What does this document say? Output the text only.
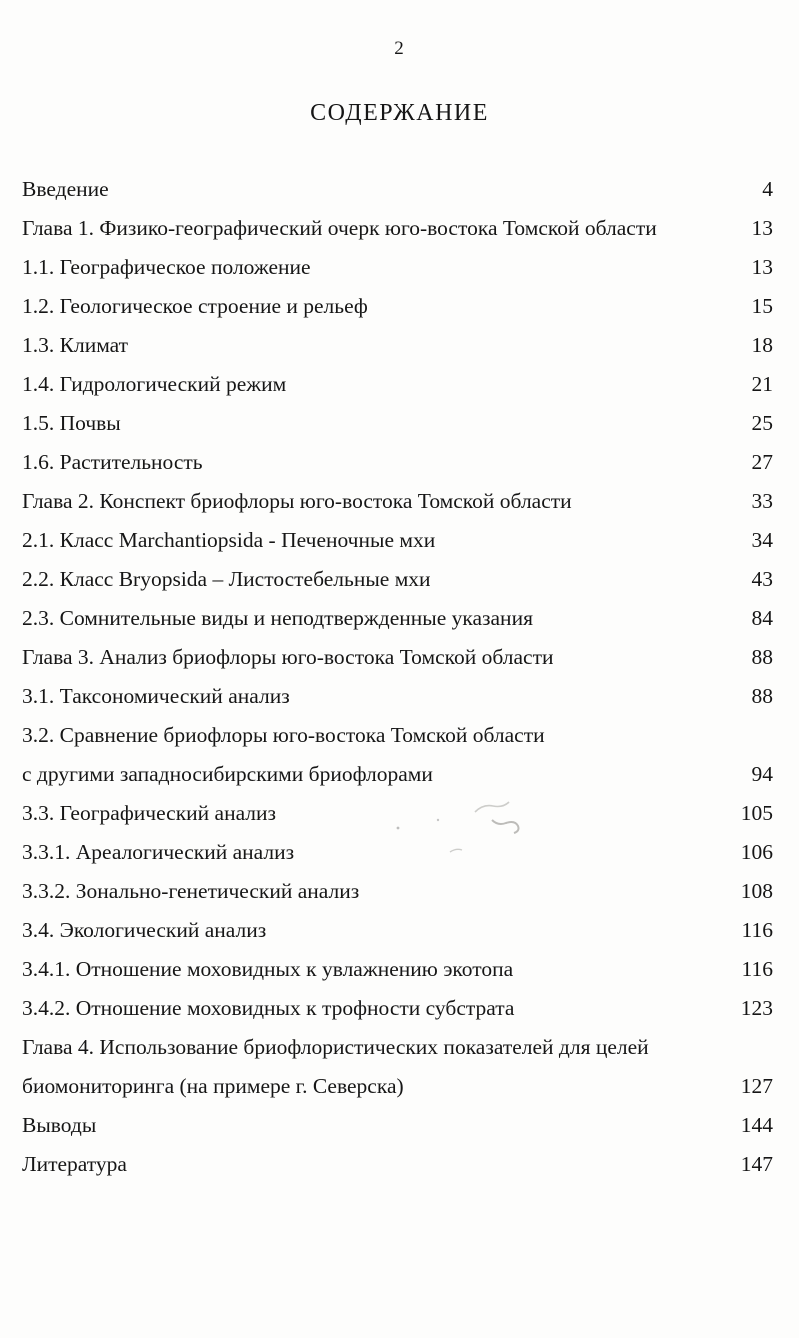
2
СОДЕРЖАНИЕ
Введение	4
Глава 1. Физико-географический очерк юго-востока Томской области	13
1.1. Географическое положение	13
1.2. Геологическое строение и рельеф	15
1.3. Климат	18
1.4. Гидрологический режим	21
1.5. Почвы	25
1.6. Растительность	27
Глава 2. Конспект бриофлоры юго-востока Томской области	33
2.1. Класс Marchantiopsida - Печеночные мхи	34
2.2. Класс Bryopsida – Листостебельные мхи	43
2.3. Сомнительные виды и неподтвержденные указания	84
Глава 3. Анализ бриофлоры юго-востока Томской области	88
3.1. Таксономический анализ	88
3.2. Сравнение бриофлоры юго-востока Томской области
с другими западносибирскими бриофлорами	94
3.3. Географический анализ	105
3.3.1. Ареалогический анализ	106
3.3.2. Зонально-генетический анализ	108
3.4. Экологический анализ	116
3.4.1. Отношение моховидных к увлажнению экотопа	116
3.4.2. Отношение моховидных к трофности субстрата	123
Глава 4. Использование бриофлористических показателей для целей
биомониторинга (на примере г. Северска)	127
Выводы	144
Литература	147
